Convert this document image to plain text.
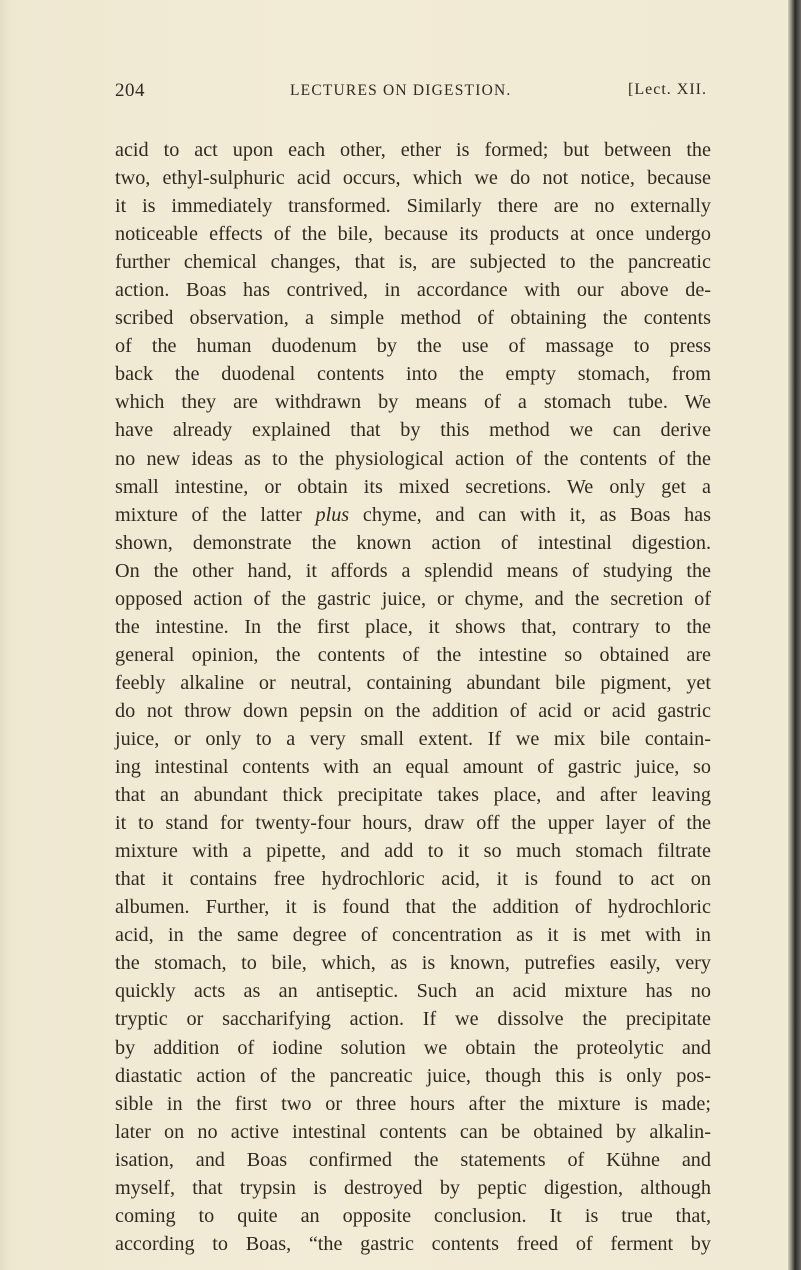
204	LECTURES ON DIGESTION.	[Lect. XII.
acid to act upon each other, ether is formed; but between the
two, ethyl-sulphuric acid occurs, which we do not notice, because
it is immediately transformed. Similarly there are no externally
noticeable effects of the bile, because its products at once undergo
further chemical changes, that is, are subjected to the pancreatic
action. Boas has contrived, in accordance with our above de-
scribed observation, a simple method of obtaining the contents
of the human duodenum by the use of massage to press
back the duodenal contents into the empty stomach, from
which they are withdrawn by means of a stomach tube. We
have already explained that by this method we can derive
no new ideas as to the physiological action of the contents of the
small intestine, or obtain its mixed secretions. We only get a
mixture of the latter plus chyme, and can with it, as Boas has
shown, demonstrate the known action of intestinal digestion.
On the other hand, it affords a splendid means of studying the
opposed action of the gastric juice, or chyme, and the secretion of
the intestine. In the first place, it shows that, contrary to the
general opinion, the contents of the intestine so obtained are
feebly alkaline or neutral, containing abundant bile pigment, yet
do not throw down pepsin on the addition of acid or acid gastric
juice, or only to a very small extent. If we mix bile contain-
ing intestinal contents with an equal amount of gastric juice, so
that an abundant thick precipitate takes place, and after leaving
it to stand for twenty-four hours, draw off the upper layer of the
mixture with a pipette, and add to it so much stomach filtrate
that it contains free hydrochloric acid, it is found to act on
albumen. Further, it is found that the addition of hydrochloric
acid, in the same degree of concentration as it is met with in
the stomach, to bile, which, as is known, putrefies easily, very
quickly acts as an antiseptic. Such an acid mixture has no
tryptic or saccharifying action. If we dissolve the precipitate
by addition of iodine solution we obtain the proteolytic and
diastatic action of the pancreatic juice, though this is only pos-
sible in the first two or three hours after the mixture is made;
later on no active intestinal contents can be obtained by alkalin-
isation, and Boas confirmed the statements of Kühne and
myself, that trypsin is destroyed by peptic digestion, although
coming to quite an opposite conclusion. It is true that,
according to Boas, “the gastric contents freed of ferment by
